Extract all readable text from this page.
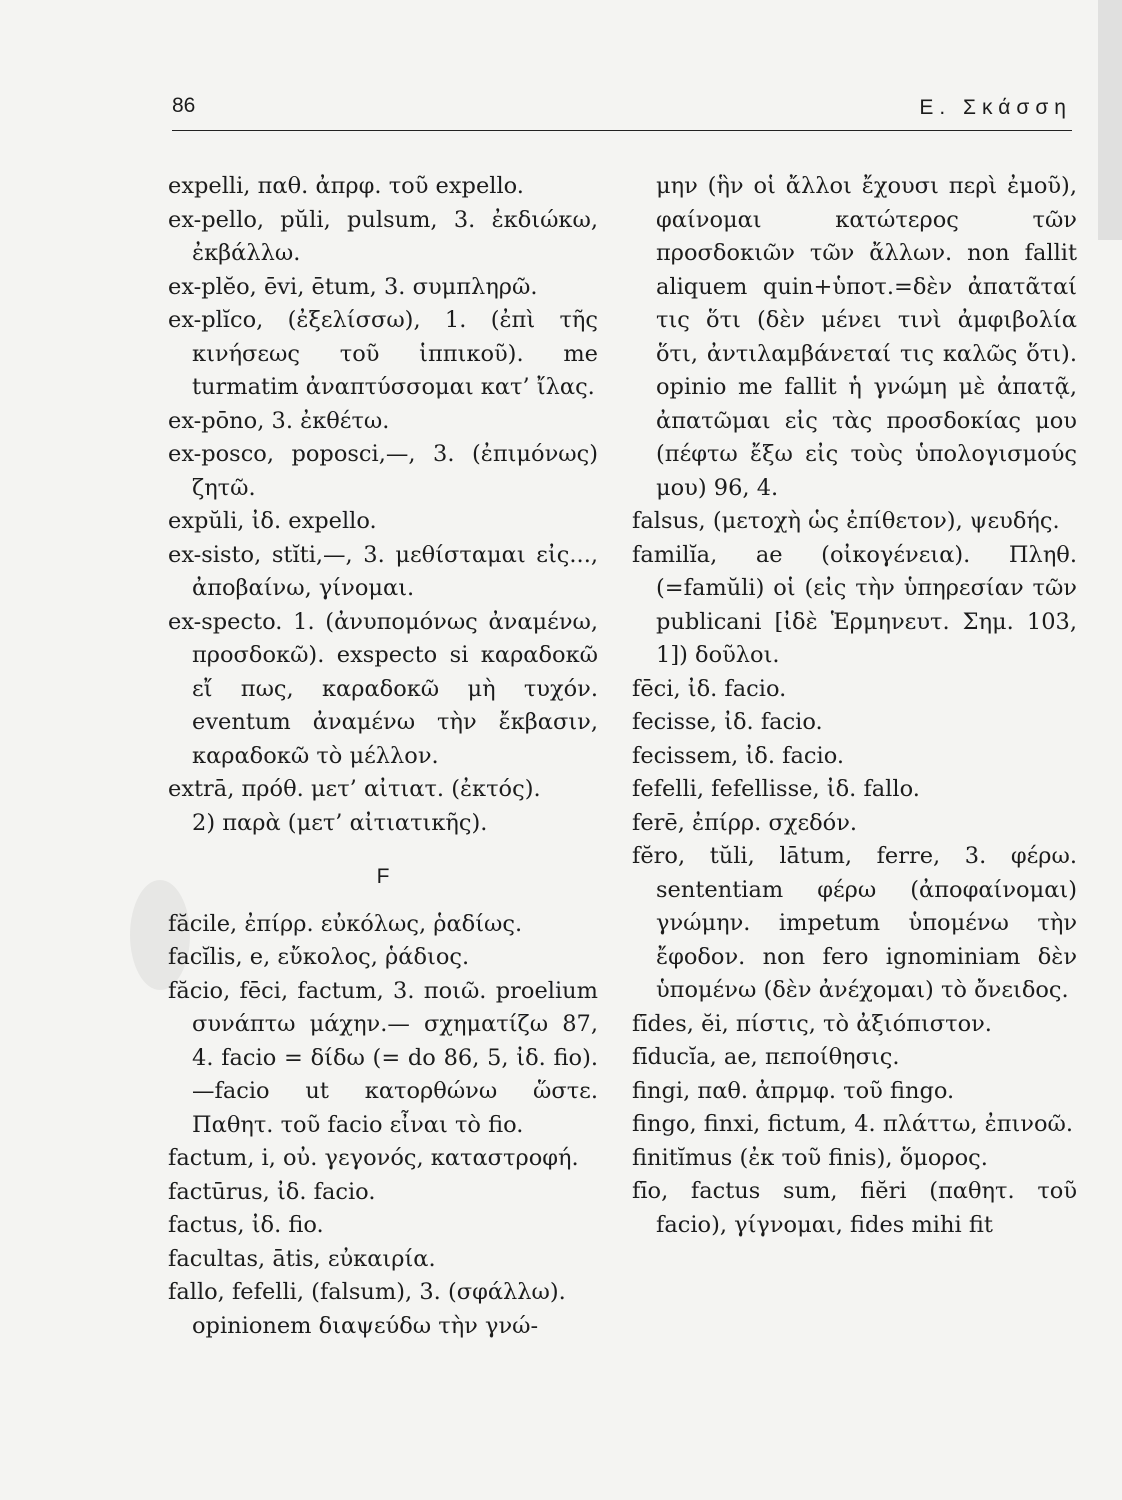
86	Ε. Σκάσση

expelli, παθ. ἀπρφ. τοῦ expello.

ex-pello, pŭli, pulsum, 3. ἐκδιώκω, ἐκβάλλω.

ex-plĕo, ēvi, ētum, 3. συμπληρῶ.

ex-plĭco, (ἐξελίσσω), 1. (ἐπὶ τῆς κινήσεως τοῦ ἱππικοῦ). me turmatim ἀναπτύσσομαι κατ’ ἴλας.

ex-pōno, 3. ἐκθέτω.

ex-posco, poposci,—, 3. (ἐπιμόνως) ζητῶ.

expŭli, ἰδ. expello.

ex-sisto, stĭti,—, 3. μεθίσταμαι εἰς..., ἀποβαίνω, γίνομαι.

ex-specto. 1. (ἀνυπομόνως ἀναμένω, προσδοκῶ). exspecto si καραδοκῶ εἴ πως, καραδοκῶ μὴ τυχόν. eventum ἀναμένω τὴν ἔκβασιν, καραδοκῶ τὸ μέλλον.

extrā, πρόθ. μετ’ αἰτιατ. (ἐκτός).

2) παρὰ (μετ’ αἰτιατικῆς).

F

făcile, ἐπίρρ. εὐκόλως, ῥαδίως.

facĭlis, e, εὔκολος, ῥάδιος.

făcio, fēci, factum, 3. ποιῶ. proelium συνάπτω μάχην.— σχηματίζω 87, 4. facio = δίδω (= do 86, 5, ἰδ. fio).—facio ut κατορθώνω ὥστε. Παθητ. τοῦ facio εἶναι τὸ fio.

factum, i, οὐ. γεγονός, καταστροφή.

factūrus, ἰδ. facio.

factus, ἰδ. fio.

facultas, ātis, εὐκαιρία.

fallo, fefelli, (falsum), 3. (σφάλλω).

opinionem διαψεύδω τὴν γνώ-

μην (ἣν οἱ ἄλλοι ἔχουσι περὶ ἐμοῦ), φαίνομαι κατώτερος τῶν προσδοκιῶν τῶν ἄλλων. non fallit aliquem quin+ὑποτ.=δὲν ἀπατᾶταί τις ὅτι (δὲν μένει τινὶ ἀμφιβολία ὅτι, ἀντιλαμβάνεταί τις καλῶς ὅτι). opinio me fallit ἡ γνώμη μὲ ἀπατᾷ, ἀπατῶμαι εἰς τὰς προσδοκίας μου (πέφτω ἔξω εἰς τοὺς ὑπολογισμούς μου) 96, 4.

falsus, (μετοχὴ ὡς ἐπίθετον), ψευδής.

familĭa, ae (οἰκογένεια). Πληθ. (=famŭli) οἱ (εἰς τὴν ὑπηρεσίαν τῶν publicani [ἰδὲ Ἑρμηνευτ. Σημ. 103, 1]) δοῦλοι.

fēci, ἰδ. facio.

fecisse, ἰδ. facio.

fecissem, ἰδ. facio.

fefelli, fefellisse, ἰδ. fallo.

ferē, ἐπίρρ. σχεδόν.

fĕro, tŭli, lātum, ferre, 3. φέρω. sententiam φέρω (ἀποφαίνομαι) γνώμην. impetum ὑπομένω τὴν ἔφοδον. non fero ignominiam δὲν ὑπομένω (δὲν ἀνέχομαι) τὸ ὄνειδος.

fīdes, ĕi, πίστις, τὸ ἀξιόπιστον.

fīducĭa, ae, πεποίθησις.

fingi, παθ. ἀπρμφ. τοῦ fingo.

fingo, finxi, fictum, 4. πλάττω, ἐπινοῶ.

finitĭmus (ἐκ τοῦ finis), ὅμορος.

fīo, factus sum, fiĕri (παθητ. τοῦ facio), γίγνομαι, fides mihi fit
